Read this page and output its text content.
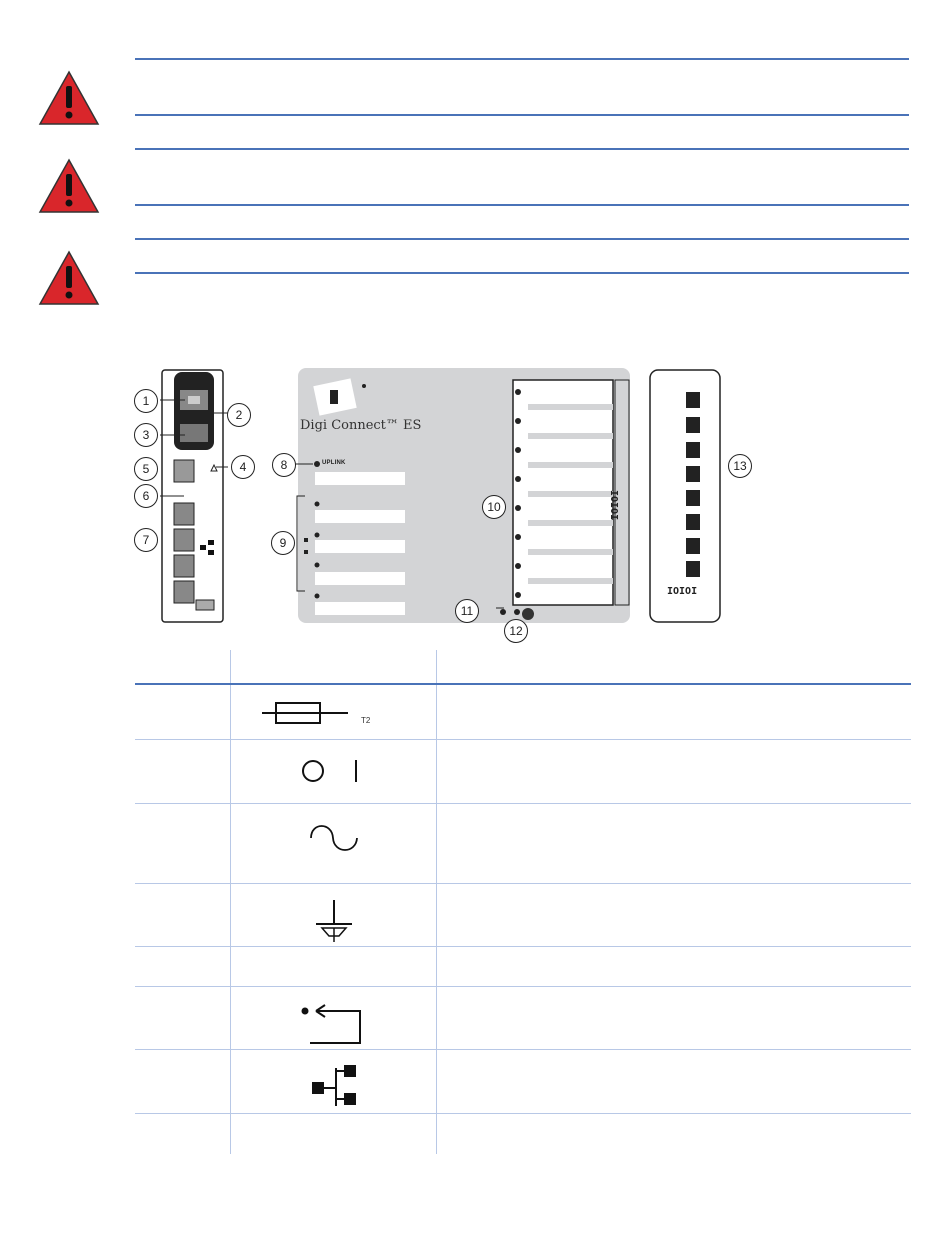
Digi Connect™ ES
UPLINK
IOIOI
IOIOI
1
2
3
4
5
6
7
8
9
10
11
12
13
T2
